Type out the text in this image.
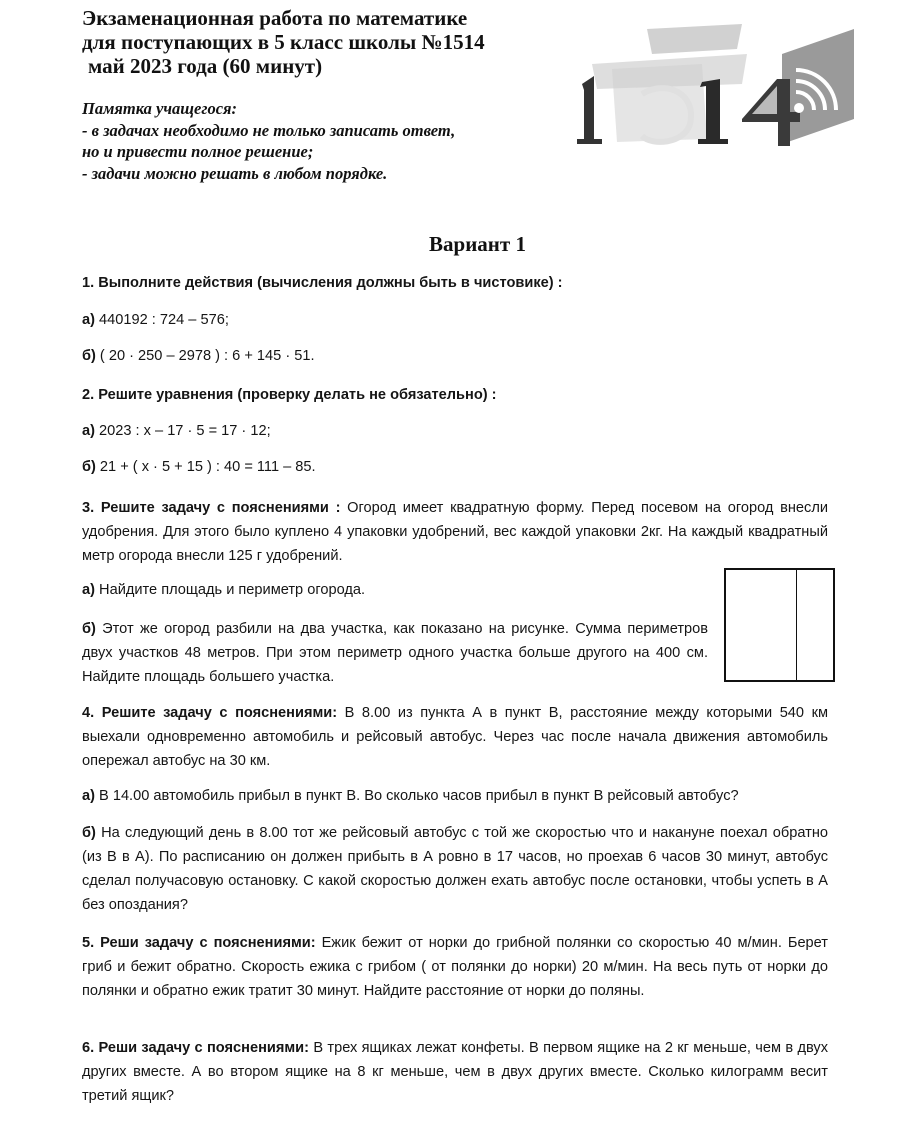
Экзаменационная работа по математике
для поступающих в 5 класс школы №1514
май 2023 года (60 минут)
Памятка учащегося:
- в задачах необходимо не только записать ответ,
но и привести полное решение;
- задачи можно решать в любом порядке.
Вариант 1
1. Выполните действия (вычисления должны быть в чистовике) :
а) 440192 : 724 – 576;
б) ( 20 · 250 – 2978 ) : 6 + 145 · 51.
2. Решите уравнения (проверку делать не обязательно) :
а) 2023 : x – 17 · 5 = 17 · 12;
б) 21 + ( x · 5 + 15 ) : 40 = 111 – 85.
3. Решите задачу с пояснениями : Огород имеет квадратную форму. Перед посевом на огород внесли удобрения. Для этого было куплено 4 упаковки удобрений, вес каждой упаковки 2кг. На каждый квадратный метр огорода внесли 125 г удобрений.
а) Найдите площадь и периметр огорода.
б) Этот же огород разбили на два участка, как показано на рисунке. Сумма периметров двух участков 48 метров. При этом периметр одного участка больше другого на 400 см. Найдите площадь большего участка.
4. Решите задачу с пояснениями: В 8.00 из пункта А в пункт В, расстояние между которыми 540 км выехали одновременно автомобиль и рейсовый автобус. Через час после начала движения автомобиль опережал автобус на 30 км.
а) В 14.00 автомобиль прибыл в пункт В. Во сколько часов прибыл в пункт В рейсовый автобус?
б) На следующий день в 8.00 тот же рейсовый автобус с той же скоростью что и накануне поехал обратно (из В в А). По расписанию он должен прибыть в А ровно в 17 часов, но проехав 6 часов 30 минут, автобус сделал получасовую остановку. С какой скоростью должен ехать автобус после остановки, чтобы успеть в А без опоздания?
5. Реши задачу с пояснениями: Ежик бежит от норки до грибной полянки со скоростью 40 м/мин. Берет гриб и бежит обратно. Скорость ежика с грибом ( от полянки до норки) 20 м/мин. На весь путь от норки до полянки и обратно ежик тратит 30 минут. Найдите расстояние от норки до поляны.
6. Реши задачу с пояснениями: В трех ящиках лежат конфеты. В первом ящике на 2 кг меньше, чем в двух других вместе. А во втором ящике на 8 кг меньше, чем в двух других вместе. Сколько килограмм весит третий ящик?
